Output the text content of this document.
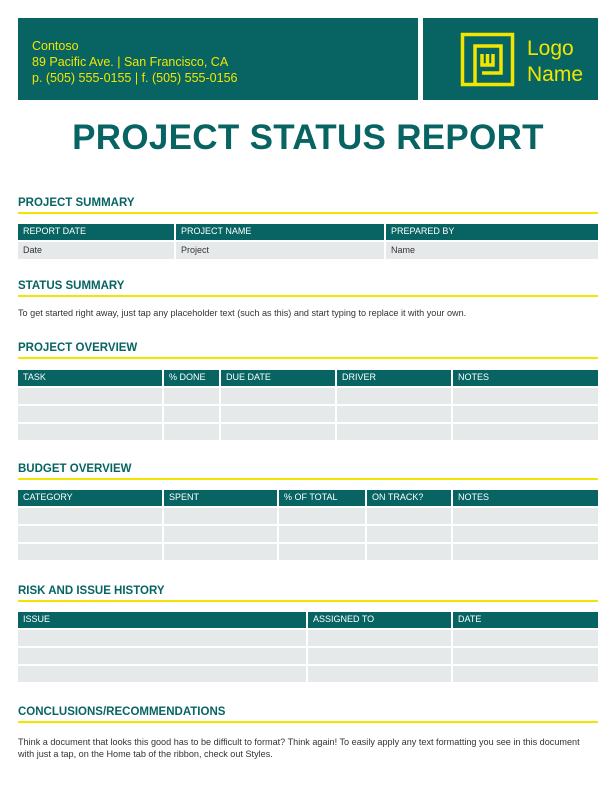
Contoso
89 Pacific Ave. | San Francisco, CA
p. (505) 555-0155 | f. (505) 555-0156
Logo
Name
PROJECT STATUS REPORT
PROJECT SUMMARY
REPORT DATE	PROJECT NAME	PREPARED BY
Date	Project	Name
STATUS SUMMARY
To get started right away, just tap any placeholder text (such as this) and start typing to replace it with your own.
PROJECT OVERVIEW
TASK	% DONE	DUE DATE	DRIVER	NOTES
BUDGET OVERVIEW
CATEGORY	SPENT	% OF TOTAL	ON TRACK?	NOTES
RISK AND ISSUE HISTORY
ISSUE	ASSIGNED TO	DATE
CONCLUSIONS/RECOMMENDATIONS
Think a document that looks this good has to be difficult to format? Think again! To easily apply any text formatting you see in this document with just a tap, on the Home tab of the ribbon, check out Styles.
